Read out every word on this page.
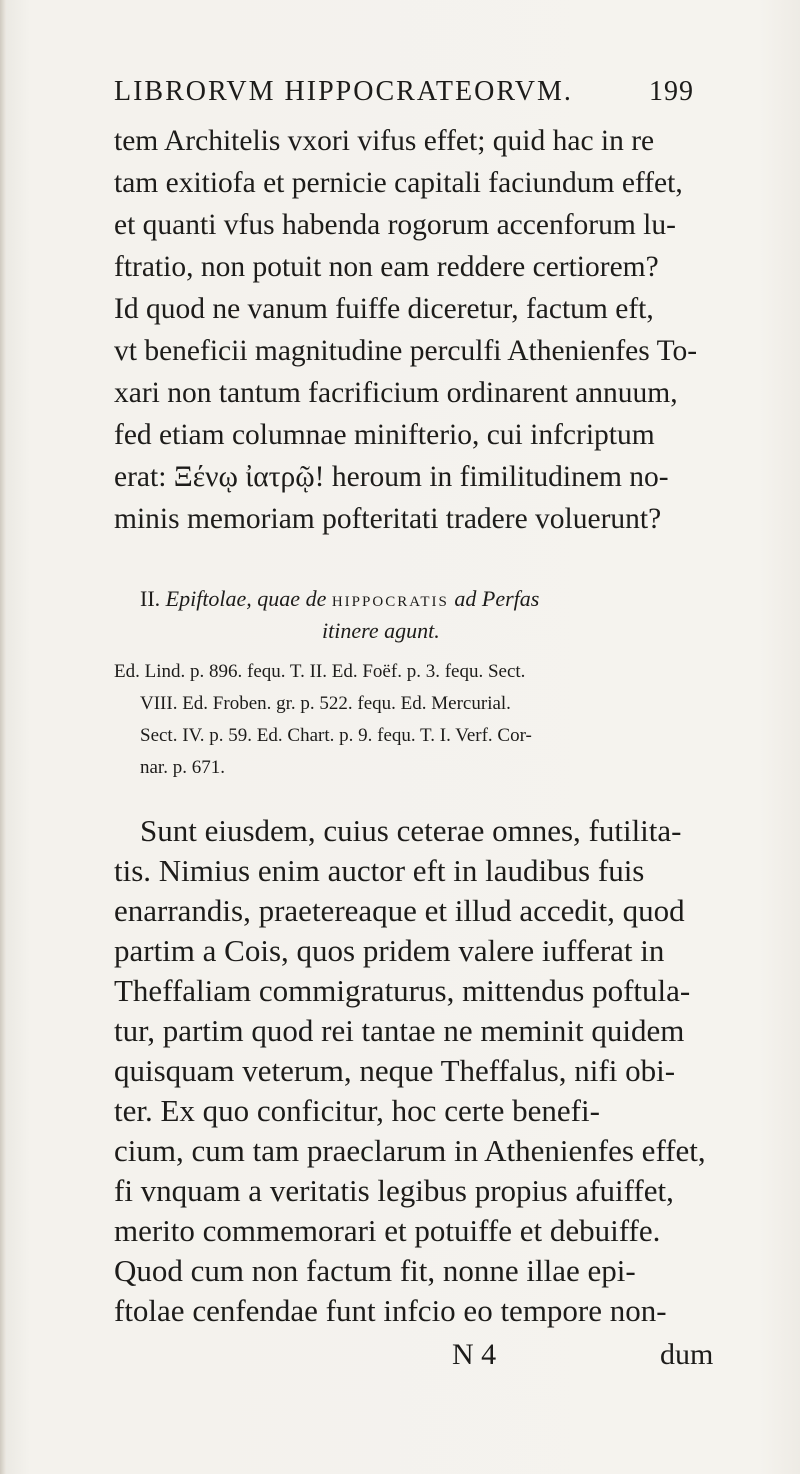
LIBRORVM HIPPOCRATEORVM.	199
tem Architelis vxori vifus effet; quid hac in re
tam exitiofa et pernicie capitali faciundum effet,
et quanti vfus habenda rogorum accenforum lu-
ftratio, non potuit non eam reddere certiorem?
Id quod ne vanum fuiffe diceretur, factum eft,
vt beneficii magnitudine perculfi Athenienfes To-
xari non tantum facrificium ordinarent annuum,
fed etiam columnae minifterio, cui infcriptum
erat: Ξένῳ ἰατρῷ! heroum in fimilitudinem no-
minis memoriam pofteritati tradere voluerunt?
II. Epiftolae, quae de hippocratis ad Perfas
itinere agunt.
Ed. Lind. p. 896. fequ. T. II. Ed. Foëf. p. 3. fequ. Sect.
VIII. Ed. Froben. gr. p. 522. fequ. Ed. Mercurial.
Sect. IV. p. 59. Ed. Chart. p. 9. fequ. T. I. Verf. Cor-
nar. p. 671.
Sunt eiusdem, cuius ceterae omnes, futilita-
tis. Nimius enim auctor eft in laudibus fuis
enarrandis, praetereaque et illud accedit, quod
partim a Cois, quos pridem valere iufferat in
Theffaliam commigraturus, mittendus poftula-
tur, partim quod rei tantae ne meminit quidem
quisquam veterum, neque Theffalus, nifi obi-
ter. Ex quo conficitur, hoc certe benefi-
cium, cum tam praeclarum in Athenienfes effet,
fi vnquam a veritatis legibus propius afuiffet,
merito commemorari et potuiffe et debuiffe.
Quod cum non factum fit, nonne illae epi-
ftolae cenfendae funt infcio eo tempore non-
N 4	dum
